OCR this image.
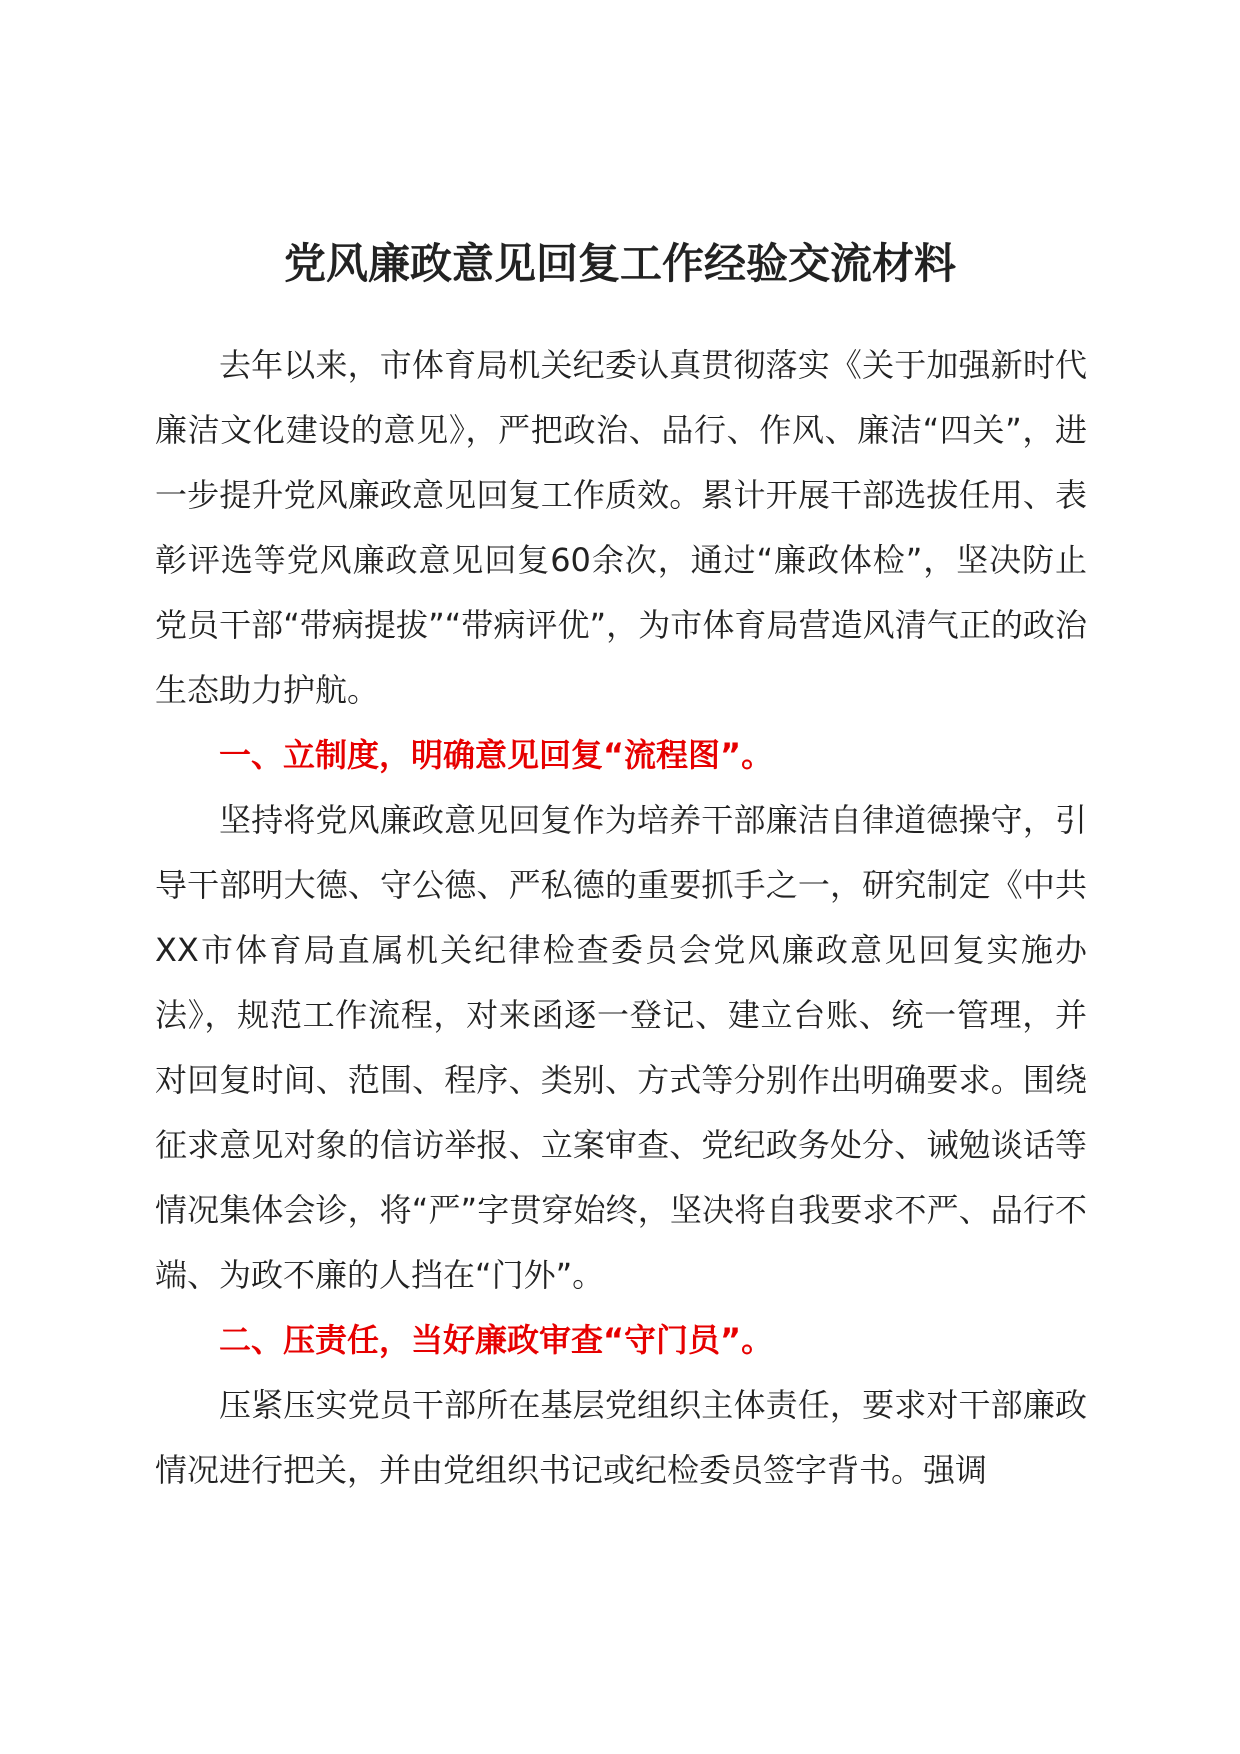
党风廉政意见回复工作经验交流材料

去年以来，市体育局机关纪委认真贯彻落实《关于加强新时代廉洁文化建设的意见》，严把政治、品行、作风、廉洁“四关”，进一步提升党风廉政意见回复工作质效。累计开展干部选拔任用、表彰评选等党风廉政意见回复60余次，通过“廉政体检”，坚决防止党员干部“带病提拔”“带病评优”，为市体育局营造风清气正的政治生态助力护航。

一、立制度，明确意见回复“流程图”。

坚持将党风廉政意见回复作为培养干部廉洁自律道德操守，引导干部明大德、守公德、严私德的重要抓手之一，研究制定《中共XX市体育局直属机关纪律检查委员会党风廉政意见回复实施办法》，规范工作流程，对来函逐一登记、建立台账、统一管理，并对回复时间、范围、程序、类别、方式等分别作出明确要求。围绕征求意见对象的信访举报、立案审查、党纪政务处分、诫勉谈话等情况集体会诊，将“严”字贯穿始终，坚决将自我要求不严、品行不端、为政不廉的人挡在“门外”。

二、压责任，当好廉政审查“守门员”。

压紧压实党员干部所在基层党组织主体责任，要求对干部廉政情况进行把关，并由党组织书记或纪检委员签字背书。强调
